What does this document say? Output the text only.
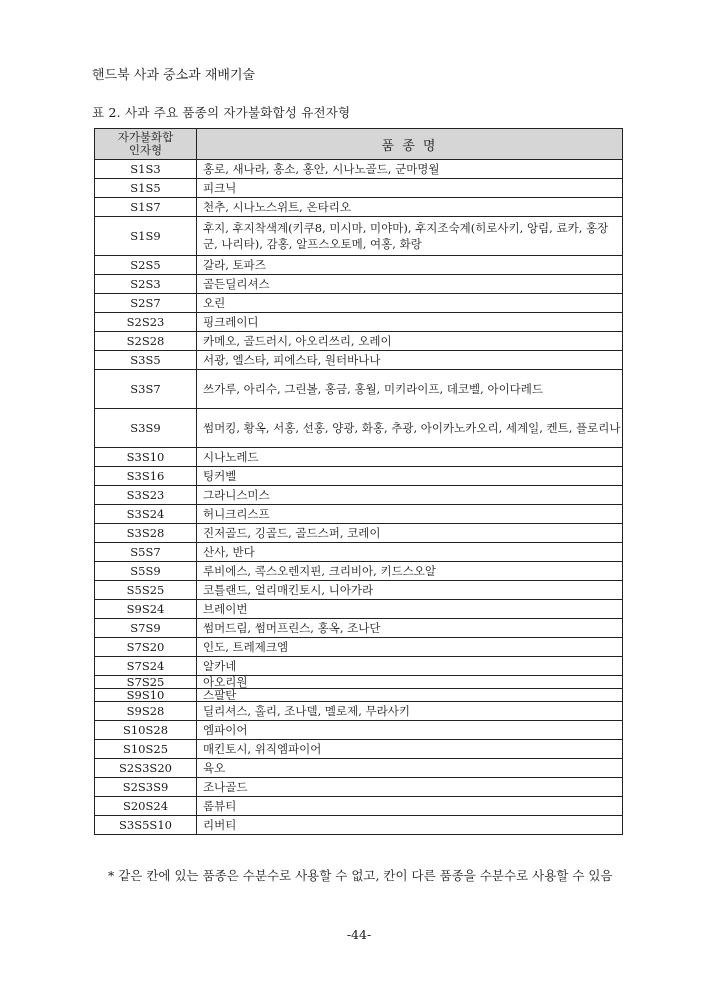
핸드북 사과 중소과 재배기술
표 2. 사과 주요 품종의 자가불화합성 유전자형
자가불화합
인자형	품 종 명
S1S3	홍로, 새나라, 홍소, 홍안, 시나노골드, 군마명월
S1S5	피크닉
S1S7	천추, 시나노스위트, 온타리오
S1S9	후지, 후지착색계(키쿠8, 미시마, 미야마), 후지조숙계(히로사키, 앙림, 료카, 홍장군, 나리타), 감홍, 알프스오토메, 여홍, 화랑
S2S5	갈라, 토파즈
S2S3	골든딜리셔스
S2S7	오린
S2S23	핑크레이디
S2S28	카메오, 골드러시, 아오리쓰리, 오레이
S3S5	서광, 엘스타, 피에스타, 원터바나나
S3S7	쓰가루, 아리수, 그린볼, 홍금, 홍월, 미키라이프, 데코벨, 아이다레드
S3S9	썸머킹, 황옥, 서홍, 선홍, 양광, 화홍, 추광, 아이카노카오리, 세계일, 켄트, 플로리나
S3S10	시나노레드
S3S16	팅커벨
S3S23	그라니스미스
S3S24	허니크리스프
S3S28	진저골드, 깅골드, 골드스퍼, 코레이
S5S7	산사, 반다
S5S9	루비에스, 콕스오렌지핀, 크리비아, 키드스오알
S5S25	코틀랜드, 얼리매킨토시, 니아가라
S9S24	브레이번
S7S9	썸머드림, 썸머프린스, 홍옥, 조나단
S7S20	인도, 트레제크엠
S7S24	알카네
S7S25	아오리원
S9S10	스팔탄
S9S28	딜리셔스, 홀리, 조나델, 멜로제, 무라사키
S10S28	엠파이어
S10S25	매킨토시, 위직엠파이어
S2S3S20	육오
S2S3S9	조나골드
S20S24	롬뷰티
S3S5S10	리버티
* 같은 칸에 있는 품종은 수분수로 사용할 수 없고, 칸이 다른 품종을 수분수로 사용할 수 있음
-44-
